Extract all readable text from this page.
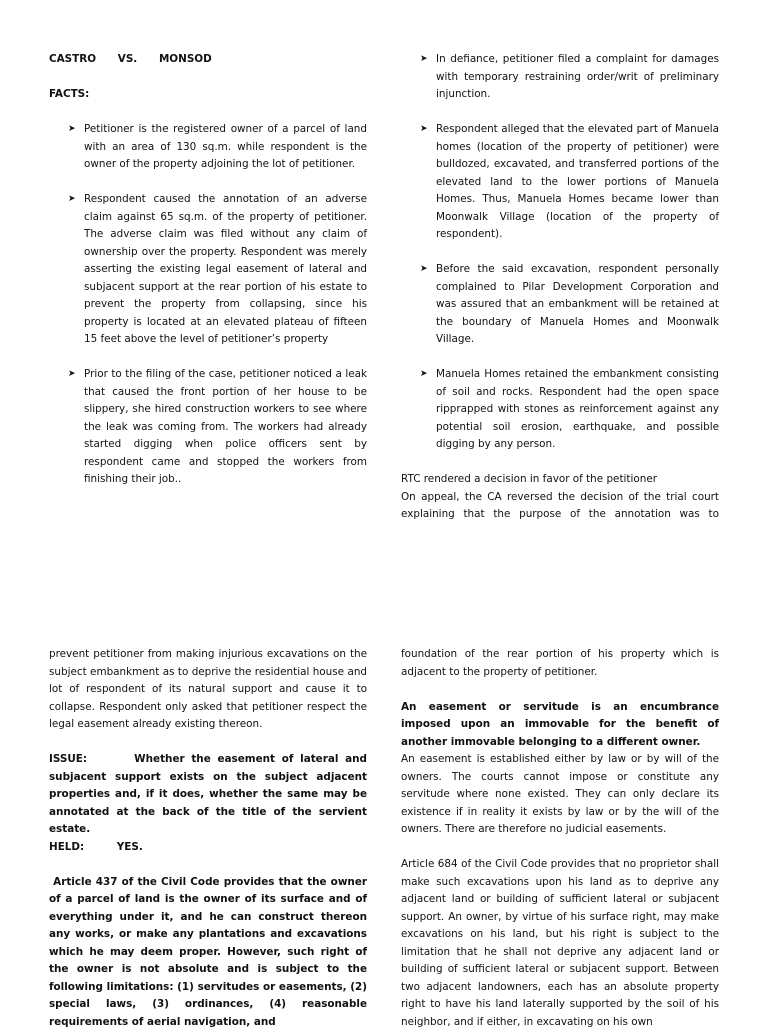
CASTRO      VS.      MONSOD

FACTS:

➤ Petitioner is the registered owner of a parcel of land with an area of 130 sq.m. while respondent is the owner of the property adjoining the lot of petitioner.
➤ Respondent caused the annotation of an adverse claim against 65 sq.m. of the property of petitioner. The adverse claim was filed without any claim of ownership over the property. Respondent was merely asserting the existing legal easement of lateral and subjacent support at the rear portion of his estate to prevent the property from collapsing, since his property is located at an elevated plateau of fifteen 15 feet above the level of petitioner’s property
➤ Prior to the filing of the case, petitioner noticed a leak that caused the front portion of her house to be slippery, she hired construction workers to see where the leak was coming from. The workers had already started digging when police officers sent by respondent came and stopped the workers from finishing their job..
➤ In defiance, petitioner filed a complaint for damages with temporary restraining order/writ of preliminary injunction.
➤ Respondent alleged that the elevated part of Manuela homes (location of the property of petitioner) were bulldozed, excavated, and transferred portions of the elevated land to the lower portions of Manuela Homes. Thus, Manuela Homes became lower than Moonwalk Village (location of the property of respondent).
➤ Before the said excavation, respondent personally complained to Pilar Development Corporation and was assured that an embankment will be retained at the boundary of Manuela Homes and Moonwalk Village.
➤ Manuela Homes retained the embankment consisting of soil and rocks. Respondent had the open space ripprapped with stones as reinforcement against any potential soil erosion, earthquake, and possible digging by any person.

RTC rendered a decision in favor of the petitioner

On appeal, the CA reversed the decision of the trial court explaining that the purpose of the annotation was to

prevent petitioner from making injurious excavations on the subject embankment as to deprive the residential house and lot of respondent of its natural support and cause it to collapse. Respondent only asked that petitioner respect the legal easement already existing thereon.

ISSUE:	Whether the easement of lateral and subjacent support exists on the subject adjacent properties and, if it does, whether the same may be annotated at the back of the title of the servient estate.

HELD:	YES.

Article 437 of the Civil Code provides that the owner of a parcel of land is the owner of its surface and of everything under it, and he can construct thereon any works, or make any plantations and excavations which he may deem proper. However, such right of the owner is not absolute and is subject to the following limitations: (1) servitudes or easements, (2) special laws, (3) ordinances, (4) reasonable requirements of aerial navigation, and

foundation of the rear portion of his property which is adjacent to the property of petitioner.

An easement or servitude is an encumbrance imposed upon an immovable for the benefit of another immovable belonging to a different owner.

An easement is established either by law or by will of the owners. The courts cannot impose or constitute any servitude where none existed. They can only declare its existence if in reality it exists by law or by the will of the owners. There are therefore no judicial easements.

Article 684 of the Civil Code provides that no proprietor shall make such excavations upon his land as to deprive any adjacent land or building of sufficient lateral or subjacent support. An owner, by virtue of his surface right, may make excavations on his land, but his right is subject to the limitation that he shall not deprive any adjacent land or building of sufficient lateral or subjacent support. Between two adjacent landowners, each has an absolute property right to have his land laterally supported by the soil of his neighbor, and if either, in excavating on his own
